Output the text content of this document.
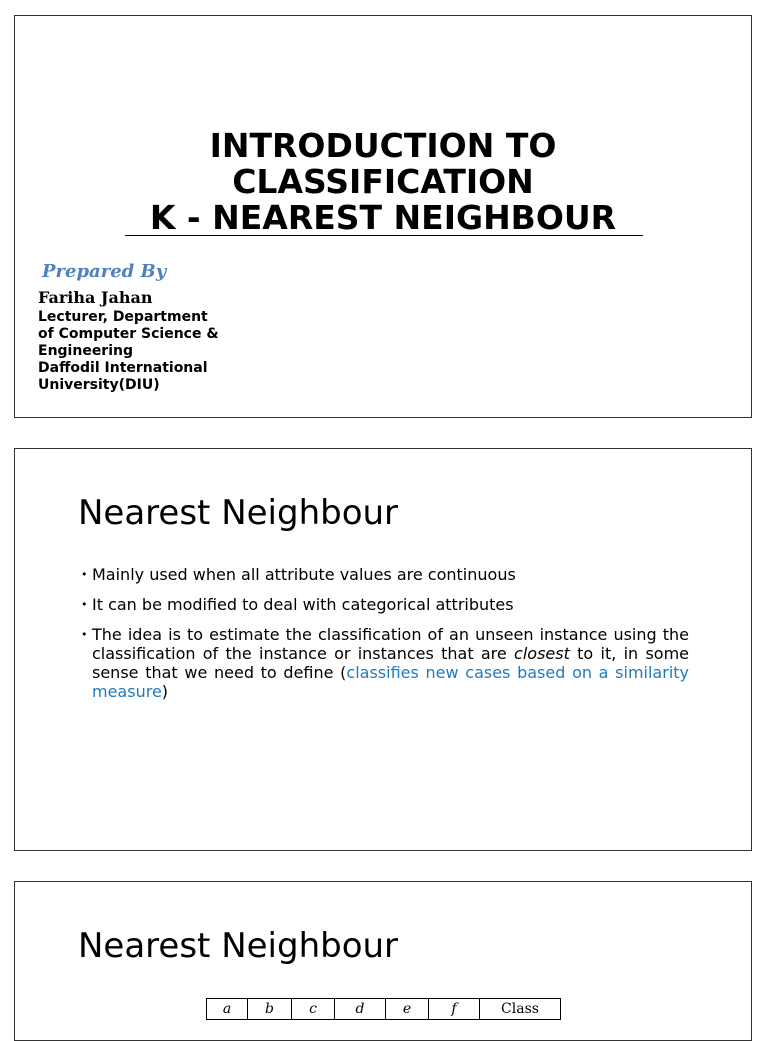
INTRODUCTION TO
CLASSIFICATION
K - NEAREST NEIGHBOUR
Prepared By
Fariha Jahan
Lecturer, Department
of Computer Science &
Engineering
Daffodil International
University(DIU)
Nearest Neighbour
• Mainly used when all attribute values are continuous
• It can be modified to deal with categorical attributes
• The idea is to estimate the classification of an unseen instance using the classification of the instance or instances that are closest to it, in some sense that we need to define (classifies new cases based on a similarity measure)
Nearest Neighbour
a	b	c	d	e	f	Class
